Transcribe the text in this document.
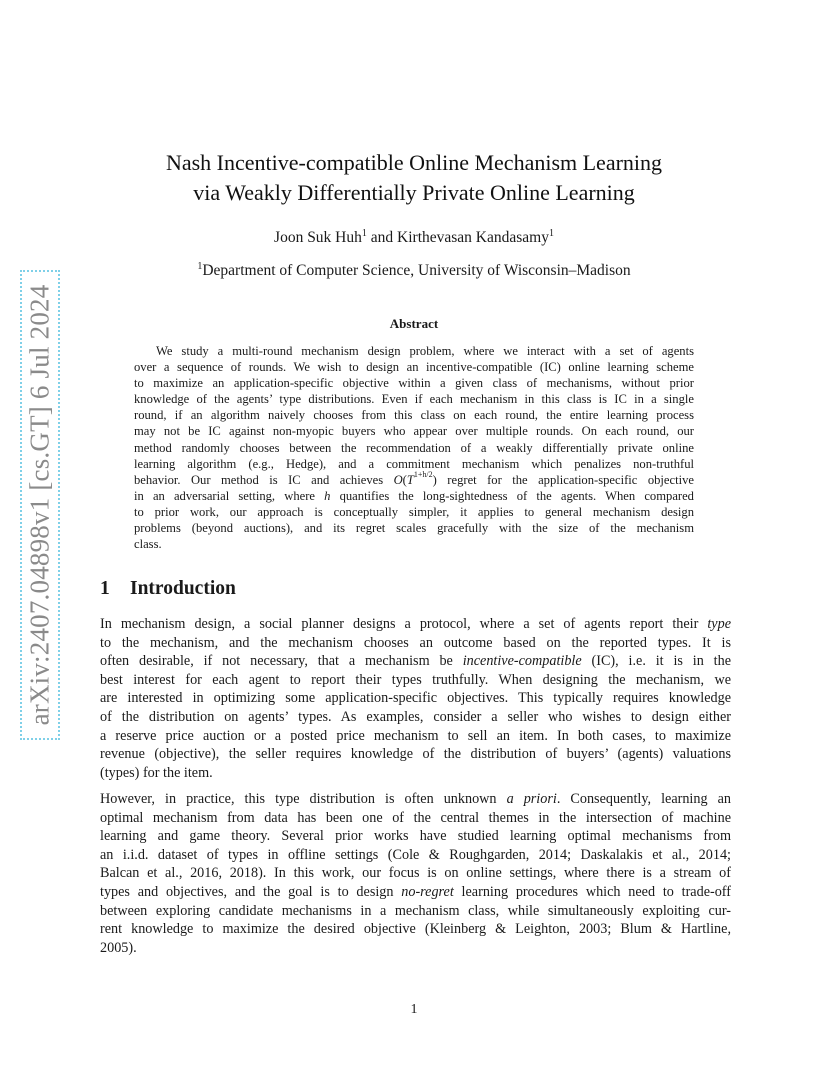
arXiv:2407.04898v1 [cs.GT] 6 Jul 2024
Nash Incentive-compatible Online Mechanism Learning
via Weakly Differentially Private Online Learning
Joon Suk Huh$^1$ and Kirthevasan Kandasamy$^1$
$^1$Department of Computer Science, University of Wisconsin–Madison
Abstract
We study a multi-round mechanism design problem, where we interact with a set of agents
over a sequence of rounds. We wish to design an incentive-compatible (IC) online learning scheme
to maximize an application-specific objective within a given class of mechanisms, without prior
knowledge of the agents’ type distributions. Even if each mechanism in this class is IC in a single
round, if an algorithm naively chooses from this class on each round, the entire learning process
may not be IC against non-myopic buyers who appear over multiple rounds. On each round, our
method randomly chooses between the recommendation of a weakly differentially private online
learning algorithm (e.g., Hedge), and a commitment mechanism which penalizes non-truthful
behavior. Our method is IC and achieves $O(T^{1+h/2})$ regret for the application-specific objective
in an adversarial setting, where h quantifies the long-sightedness of the agents. When compared
to prior work, our approach is conceptually simpler, it applies to general mechanism design
problems (beyond auctions), and its regret scales gracefully with the size of the mechanism
class.
1 Introduction
In mechanism design, a social planner designs a protocol, where a set of agents report their type
to the mechanism, and the mechanism chooses an outcome based on the reported types. It is
often desirable, if not necessary, that a mechanism be incentive-compatible (IC), i.e. it is in the
best interest for each agent to report their types truthfully. When designing the mechanism, we
are interested in optimizing some application-specific objectives. This typically requires knowledge
of the distribution on agents’ types. As examples, consider a seller who wishes to design either
a reserve price auction or a posted price mechanism to sell an item. In both cases, to maximize
revenue (objective), the seller requires knowledge of the distribution of buyers’ (agents) valuations
(types) for the item.
However, in practice, this type distribution is often unknown a priori. Consequently, learning an
optimal mechanism from data has been one of the central themes in the intersection of machine
learning and game theory. Several prior works have studied learning optimal mechanisms from
an i.i.d. dataset of types in offline settings (Cole & Roughgarden, 2014; Daskalakis et al., 2014;
Balcan et al., 2016, 2018). In this work, our focus is on online settings, where there is a stream of
types and objectives, and the goal is to design no-regret learning procedures which need to trade-off
between exploring candidate mechanisms in a mechanism class, while simultaneously exploiting cur-
rent knowledge to maximize the desired objective (Kleinberg & Leighton, 2003; Blum & Hartline,
2005).
1
